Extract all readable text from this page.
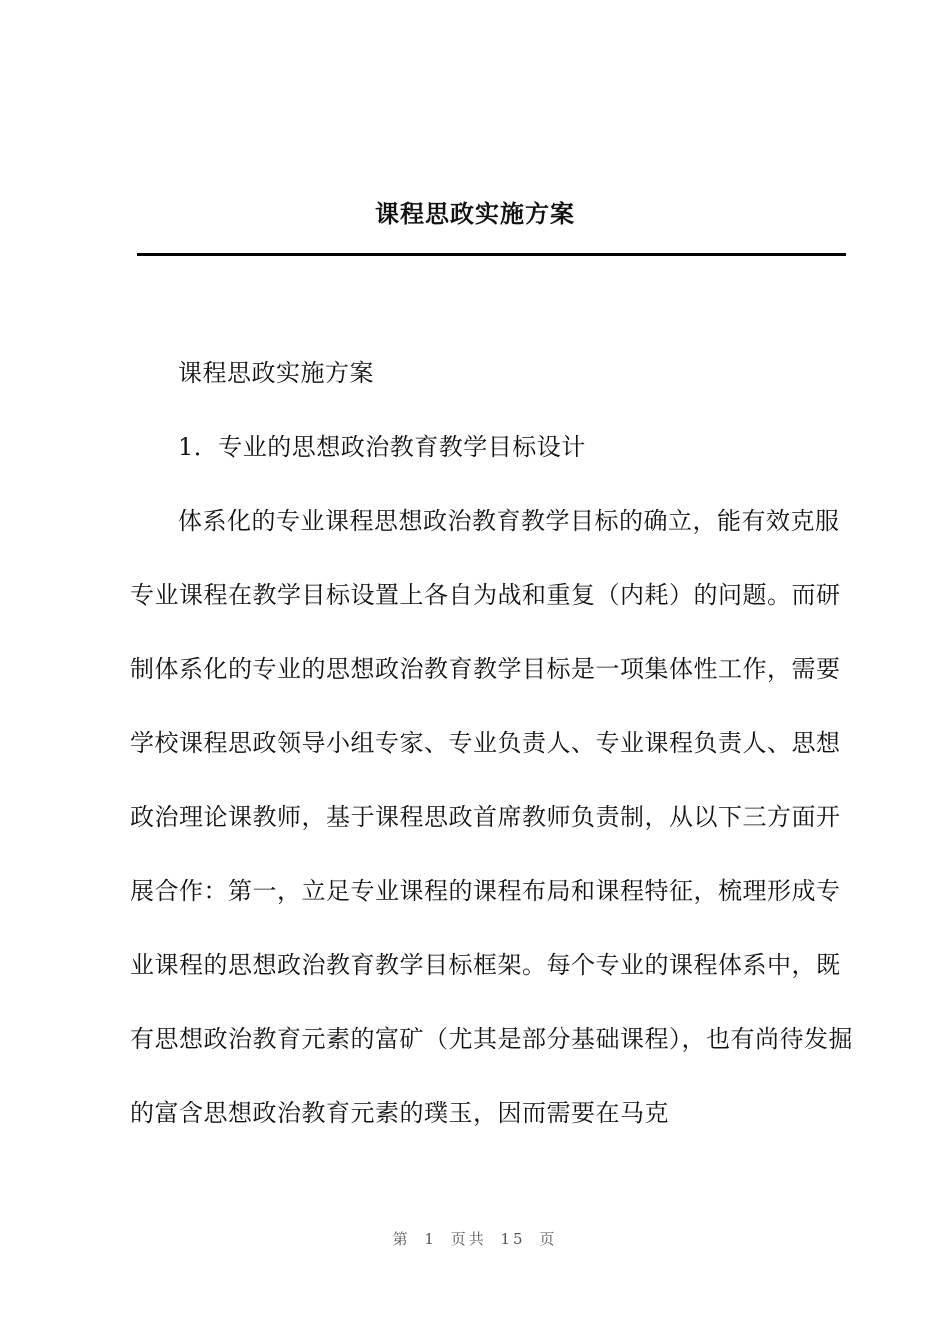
课程思政实施方案

课程思政实施方案

1．专业的思想政治教育教学目标设计

体系化的专业课程思想政治教育教学目标的确立，能有效克服专业课程在教学目标设置上各自为战和重复（内耗）的问题。而研制体系化的专业的思想政治教育教学目标是一项集体性工作，需要学校课程思政领导小组专家、专业负责人、专业课程负责人、思想政治理论课教师，基于课程思政首席教师负责制，从以下三方面开展合作：第一，立足专业课程的课程布局和课程特征，梳理形成专业课程的思想政治教育教学目标框架。每个专业的课程体系中，既有思想政治教育元素的富矿（尤其是部分基础课程），也有尚待发掘的富含思想政治教育元素的璞玉，因而需要在马克

第 1 页共 15 页
